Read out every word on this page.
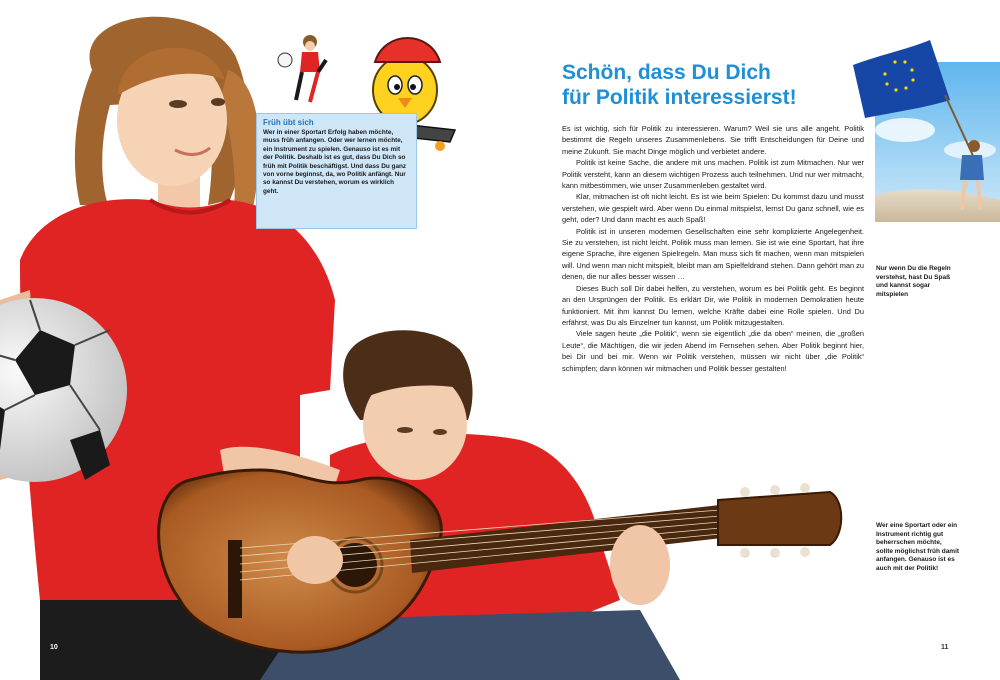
Früh übt sich

Wer in einer Sportart Erfolg haben möchte, muss früh anfangen. Oder wer lernen möchte, ein Instrument zu spielen. Genauso ist es mit der Politik. Deshalb ist es gut, dass Du Dich so früh mit Politik beschäftigst. Und dass Du ganz von vorne beginnst, da, wo Politik anfängt. Nur so kannst Du verstehen, worum es wirklich geht.

Schön, dass Du Dich
für Politik interessierst!

Es ist wichtig, sich für Politik zu interessieren. Warum? Weil sie uns alle angeht. Politik bestimmt die Regeln unseres Zusammenlebens. Sie trifft Entscheidungen für Deine und meine Zukunft. Sie macht Dinge möglich und verbietet andere.

Politik ist keine Sache, die andere mit uns machen. Politik ist zum Mitmachen. Nur wer Politik versteht, kann an diesem wichtigen Prozess auch teilnehmen. Und nur wer mitmacht, kann mitbestimmen, wie unser Zusammenleben gestaltet wird.

Klar, mitmachen ist oft nicht leicht. Es ist wie beim Spielen: Du kommst dazu und musst verstehen, wie gespielt wird. Aber wenn Du einmal mitspielst, lernst Du ganz schnell, wie es geht, oder? Und dann macht es auch Spaß!

Politik ist in unseren modernen Gesellschaften eine sehr komplizierte Angelegenheit. Sie zu verstehen, ist nicht leicht. Politik muss man lernen. Sie ist wie eine Sportart, hat ihre eigene Sprache, ihre eigenen Spielregeln. Man muss sich fit machen, wenn man mitspielen will. Und wenn man nicht mitspielt, bleibt man am Spielfeldrand stehen. Dann gehört man zu denen, die nur alles besser wissen …

Dieses Buch soll Dir dabei helfen, zu verstehen, worum es bei Politik geht. Es beginnt an den Ursprüngen der Politik. Es erklärt Dir, wie Politik in modernen Demokratien heute funktioniert. Mit ihm kannst Du lernen, welche Kräfte dabei eine Rolle spielen. Und Du erfährst, was Du als Einzelner tun kannst, um Politik mitzugestalten.

Viele sagen heute „die Politik“, wenn sie eigentlich „die da oben“ meinen, die „großen Leute“, die Mächtigen, die wir jeden Abend im Fernsehen sehen. Aber Politik beginnt hier, bei Dir und bei mir. Wenn wir Politik verstehen, müssen wir nicht über „die Politik“ schimpfen; dann können wir mitmachen und Politik besser gestalten!

Nur wenn Du die Regeln verstehst, hast Du Spaß und kannst sogar mitspielen
Wer eine Sportart oder ein Instrument richtig gut beherrschen möchte, sollte möglichst früh damit anfangen. Genauso ist es auch mit der Politik!
10	11
